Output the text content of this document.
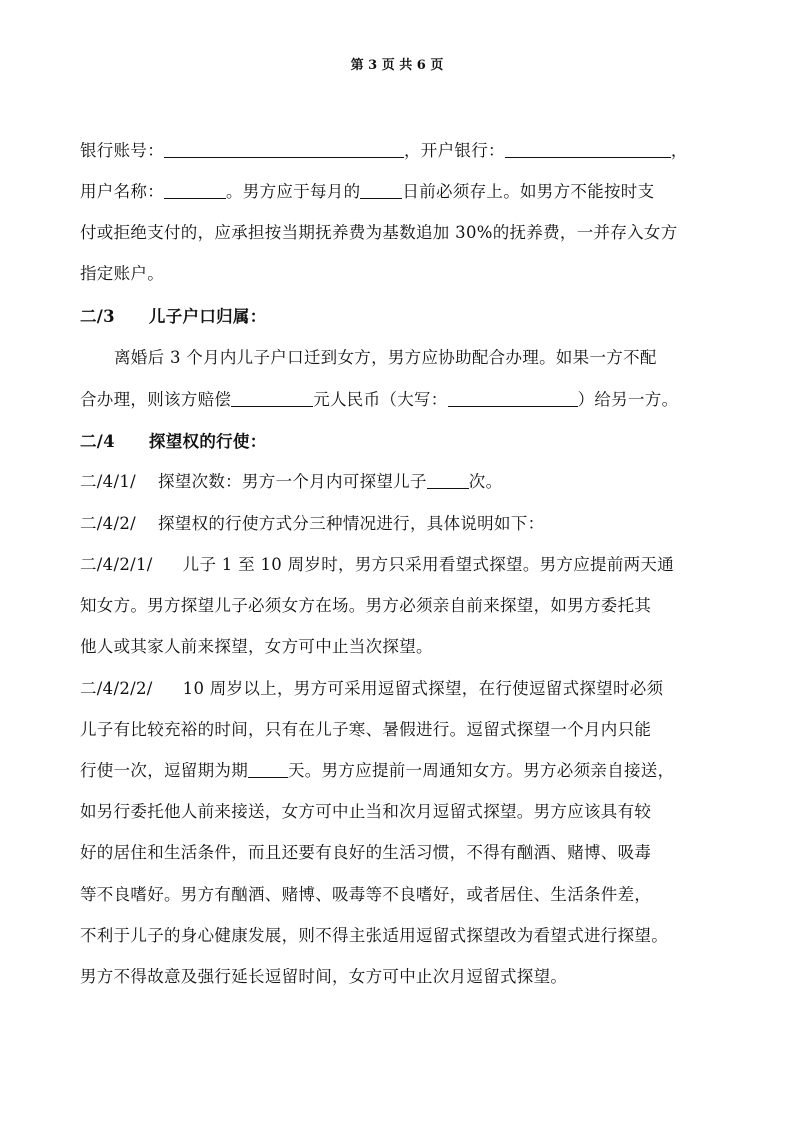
第 3 页 共 6 页
银行账号：	，开户银行：	，
用户名称：	。男方应于每月的	日前必须存上。如男方不能按时支
付或拒绝支付的，应承担按当期抚养费为基数追加 30%的抚养费，一并存入女方
指定账户。
二/3 儿子户口归属：
离婚后 3 个月内儿子户口迁到女方，男方应协助配合办理。如果一方不配
合办理，则该方赔偿	元人民币（大写：	）给另一方。
二/4 探望权的行使：
二/4/1/ 探望次数：男方一个月内可探望儿子	次。
二/4/2/ 探望权的行使方式分三种情况进行，具体说明如下：
二/4/2/1/ 儿子 1 至 10 周岁时，男方只采用看望式探望。男方应提前两天通
知女方。男方探望儿子必须女方在场。男方必须亲自前来探望，如男方委托其
他人或其家人前来探望，女方可中止当次探望。
二/4/2/2/ 10 周岁以上，男方可采用逗留式探望，在行使逗留式探望时必须
儿子有比较充裕的时间，只有在儿子寒、暑假进行。逗留式探望一个月内只能
行使一次，逗留期为期 天。男方应提前一周通知女方。男方必须亲自接送，
如另行委托他人前来接送，女方可中止当和次月逗留式探望。男方应该具有较
好的居住和生活条件，而且还要有良好的生活习惯，不得有酗酒、赌博、吸毒
等不良嗜好。男方有酗酒、赌博、吸毒等不良嗜好，或者居住、生活条件差，
不利于儿子的身心健康发展，则不得主张适用逗留式探望改为看望式进行探望。
男方不得故意及强行延长逗留时间，女方可中止次月逗留式探望。
